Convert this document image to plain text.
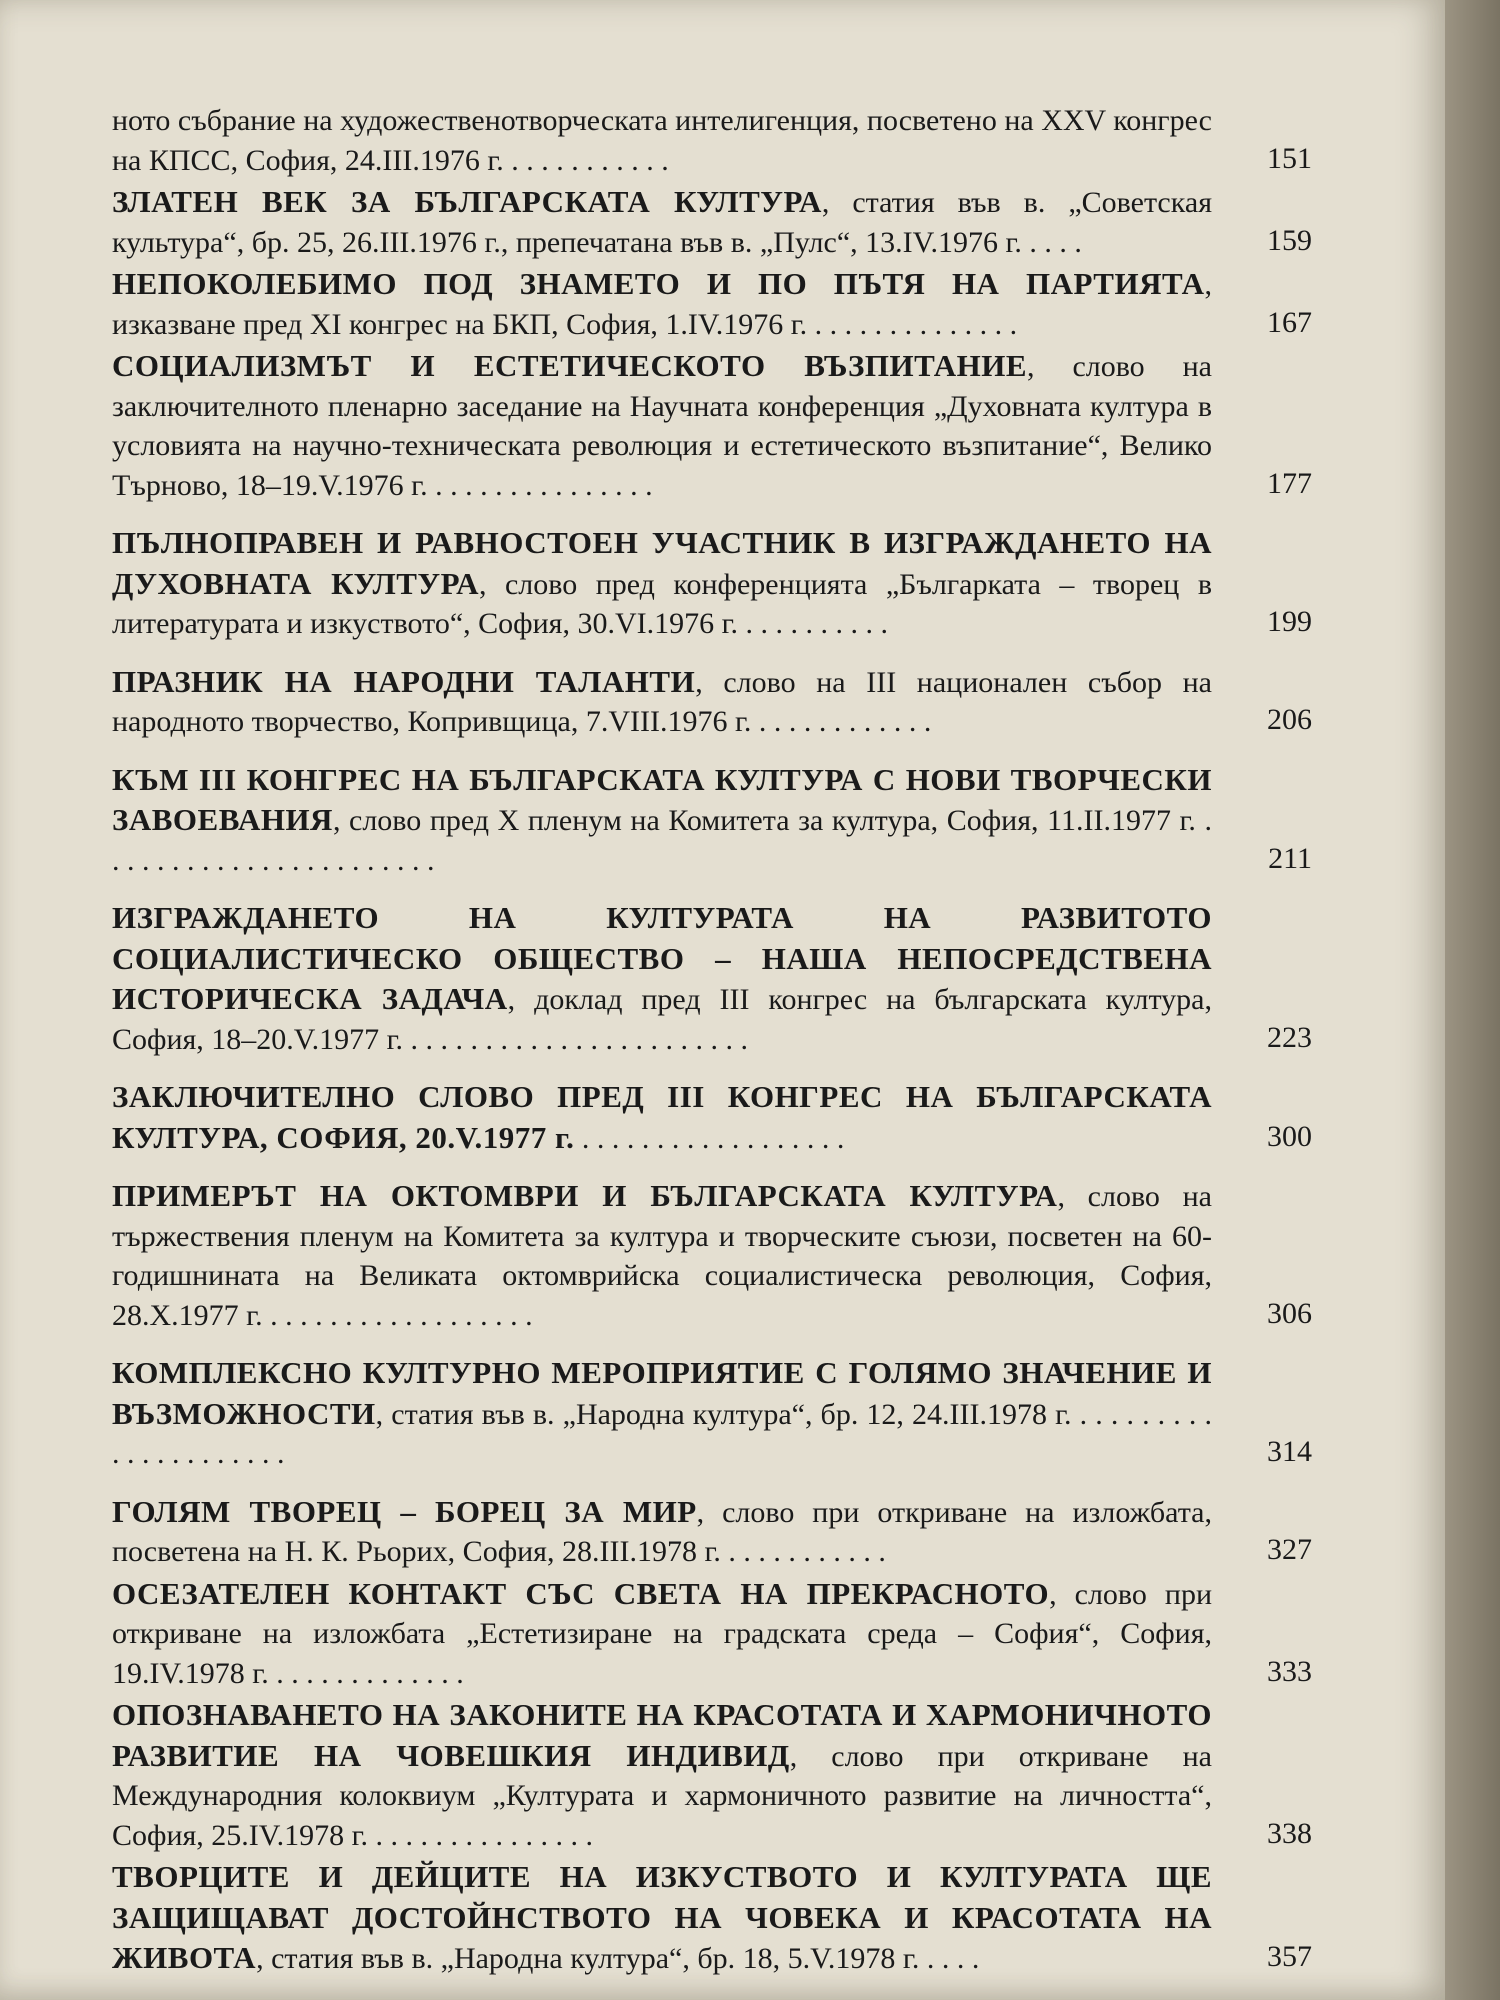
ното събрание на художественотворческата интелигенция, посветено на XXV конгрес на КПСС, София, 24.III.1976 г. . . . . . . . . . . .	151
ЗЛАТЕН ВЕК ЗА БЪЛГАРСКАТА КУЛТУРА, статия във в. „Советская культура“, бр. 25, 26.III.1976 г., препечатана във в. „Пулс“, 13.IV.1976 г. . . . .	159
НЕПОКОЛЕБИМО ПОД ЗНАМЕТО И ПО ПЪТЯ НА ПАРТИЯТА, изказване пред XI конгрес на БКП, София, 1.IV.1976 г. . . . . . . . . . . . . . .	167
СОЦИАЛИЗМЪТ И ЕСТЕТИЧЕСКОТО ВЪЗПИТАНИЕ, слово на заключителното пленарно заседание на Научната конференция „Духовната култура в условията на научно-техническата революция и естетическото възпитание“, Велико Търново, 18–19.V.1976 г. . . . . . . . . . . . . . . .	177
ПЪЛНОПРАВЕН И РАВНОСТОЕН УЧАСТНИК В ИЗГРАЖДАНЕТО НА ДУХОВНАТА КУЛТУРА, слово пред конференцията „Българката – творец в литературата и изкуството“, София, 30.VI.1976 г. . . . . . . . . . .	199
ПРАЗНИК НА НАРОДНИ ТАЛАНТИ, слово на III национален събор на народното творчество, Копривщица, 7.VIII.1976 г. . . . . . . . . . . . .	206
КЪМ III КОНГРЕС НА БЪЛГАРСКАТА КУЛТУРА С НОВИ ТВОРЧЕСКИ ЗАВОЕВАНИЯ, слово пред X пленум на Комитета за култура, София, 11.II.1977 г. . . . . . . . . . . . . . . . . . . . . . . .	211
ИЗГРАЖДАНЕТО НА КУЛТУРАТА НА РАЗВИТОТО СОЦИАЛИСТИЧЕСКО ОБЩЕСТВО – НАША НЕПОСРЕДСТВЕНА ИСТОРИЧЕСКА ЗАДАЧА, доклад пред III конгрес на българската култура, София, 18–20.V.1977 г. . . . . . . . . . . . . . . . . . . . . . . .	223
ЗАКЛЮЧИТЕЛНО СЛОВО ПРЕД III КОНГРЕС НА БЪЛГАРСКАТА КУЛТУРА, СОФИЯ, 20.V.1977 г. . . . . . . . . . . . . . . . . . .	300
ПРИМЕРЪТ НА ОКТОМВРИ И БЪЛГАРСКАТА КУЛТУРА, слово на тържествения пленум на Комитета за култура и творческите съюзи, посветен на 60-годишнината на Великата октомврийска социалистическа революция, София, 28.X.1977 г. . . . . . . . . . . . . . . . . . .	306
КОМПЛЕКСНО КУЛТУРНО МЕРОПРИЯТИЕ С ГОЛЯМО ЗНАЧЕНИЕ И ВЪЗМОЖНОСТИ, статия във в. „Народна култура“, бр. 12, 24.III.1978 г. . . . . . . . . . . . . . . . . . . . . .	314
ГОЛЯМ ТВОРЕЦ – БОРЕЦ ЗА МИР, слово при откриване на изложбата, посветена на Н. К. Рьорих, София, 28.III.1978 г. . . . . . . . . . . .	327
ОСЕЗАТЕЛЕН КОНТАКТ СЪС СВЕТА НА ПРЕКРАСНОТО, слово при откриване на изложбата „Естетизиране на градската среда – София“, София, 19.IV.1978 г. . . . . . . . . . . . . .	333
ОПОЗНАВАНЕТО НА ЗАКОНИТЕ НА КРАСОТАТА И ХАРМОНИЧНОТО РАЗВИТИЕ НА ЧОВЕШКИЯ ИНДИВИД, слово при откриване на Международния колоквиум „Културата и хармоничното развитие на личността“, София, 25.IV.1978 г. . . . . . . . . . . . . . . .	338
ТВОРЦИТЕ И ДЕЙЦИТЕ НА ИЗКУСТВОТО И КУЛТУРАТА ЩЕ ЗАЩИЩАВАТ ДОСТОЙНСТВОТО НА ЧОВЕКА И КРАСОТАТА НА ЖИВОТА, статия във в. „Народна култура“, бр. 18, 5.V.1978 г. . . . .	357
